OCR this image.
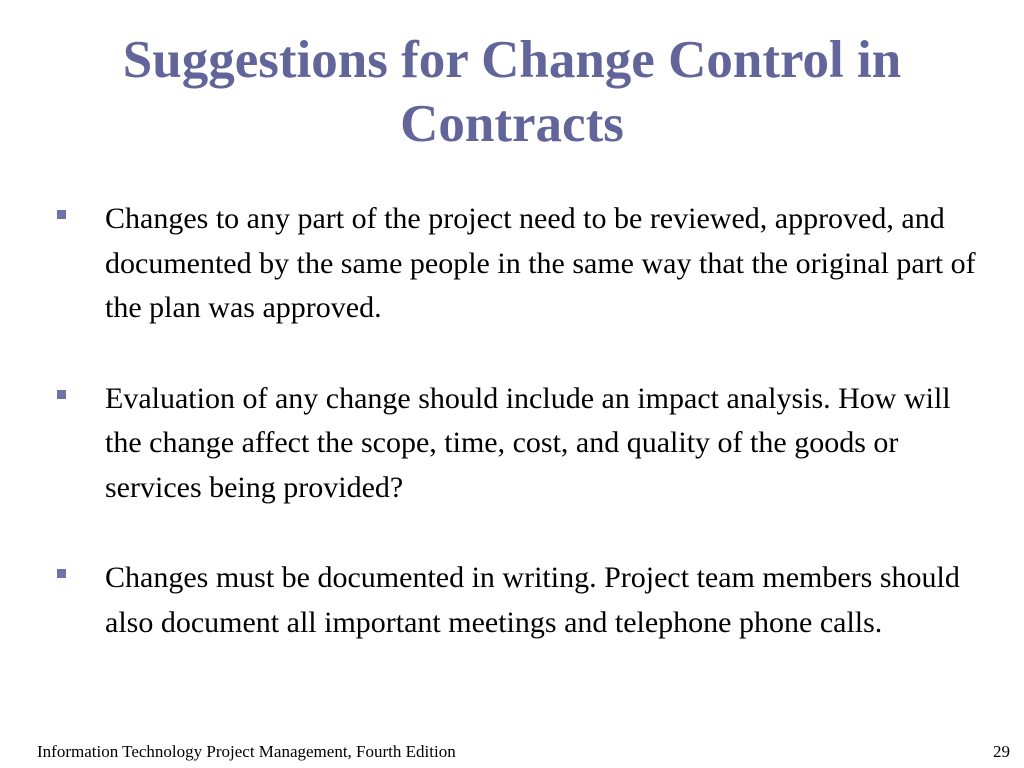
Suggestions for Change Control in Contracts
Changes to any part of the project need to be reviewed, approved, and documented by the same people in the same way that the original part of the plan was approved.
Evaluation of any change should include an impact analysis. How will the change affect the scope, time, cost, and quality of the goods or services being provided?
Changes must be documented in writing. Project team members should also document all important meetings and telephone phone calls.
Information Technology Project Management, Fourth Edition	29
